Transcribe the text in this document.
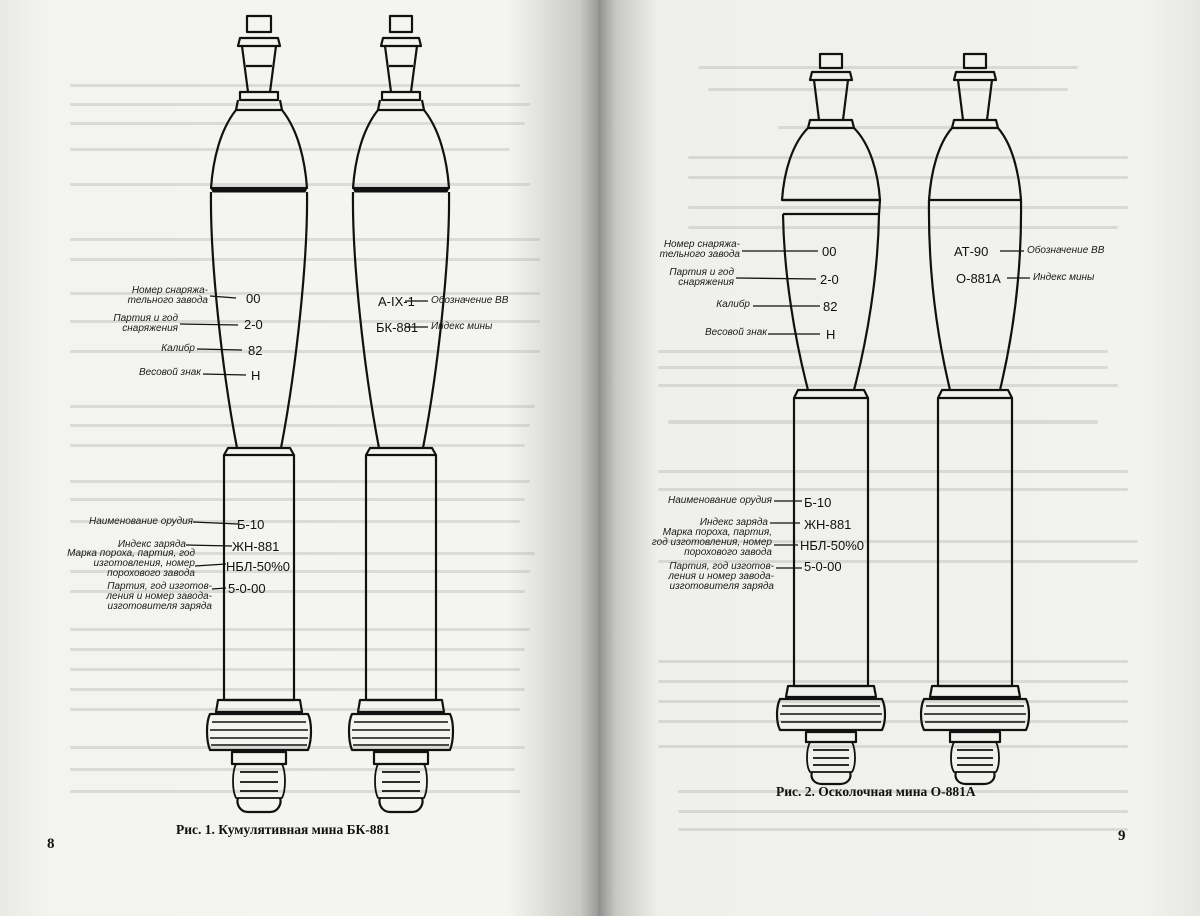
Номер снаряжа-
тельного завода
Партия и год
снаряжения
Калибр
Весовой знак
00
2-0
82
Н
А-IX-1
БК-881
Обозначение ВВ
Индекс мины
Наименование орудия
Индекс заряда
Марка пороха, партия, год
изготовления, номер
порохового завода
Партия, год изготов-
ления и номер завода-
изготовителя заряда
Б-10
ЖН-881
НБЛ-50%0
5-0-00
Рис. 1. Кумулятивная мина БК-881
8
Номер снаряжа-
тельного завода
Партия и год
снаряжения
Калибр
Весовой знак
00
2-0
82
Н
АТ-90
О-881А
Обозначение ВВ
Индекс мины
Наименование орудия
Индекс заряда
Марка пороха, партия,
год изготовления, номер
порохового завода
Партия, год изготов-
ления и номер завода-
изготовителя заряда
Б-10
ЖН-881
НБЛ-50%0
5-0-00
Рис. 2. Осколочная мина О-881А
9
